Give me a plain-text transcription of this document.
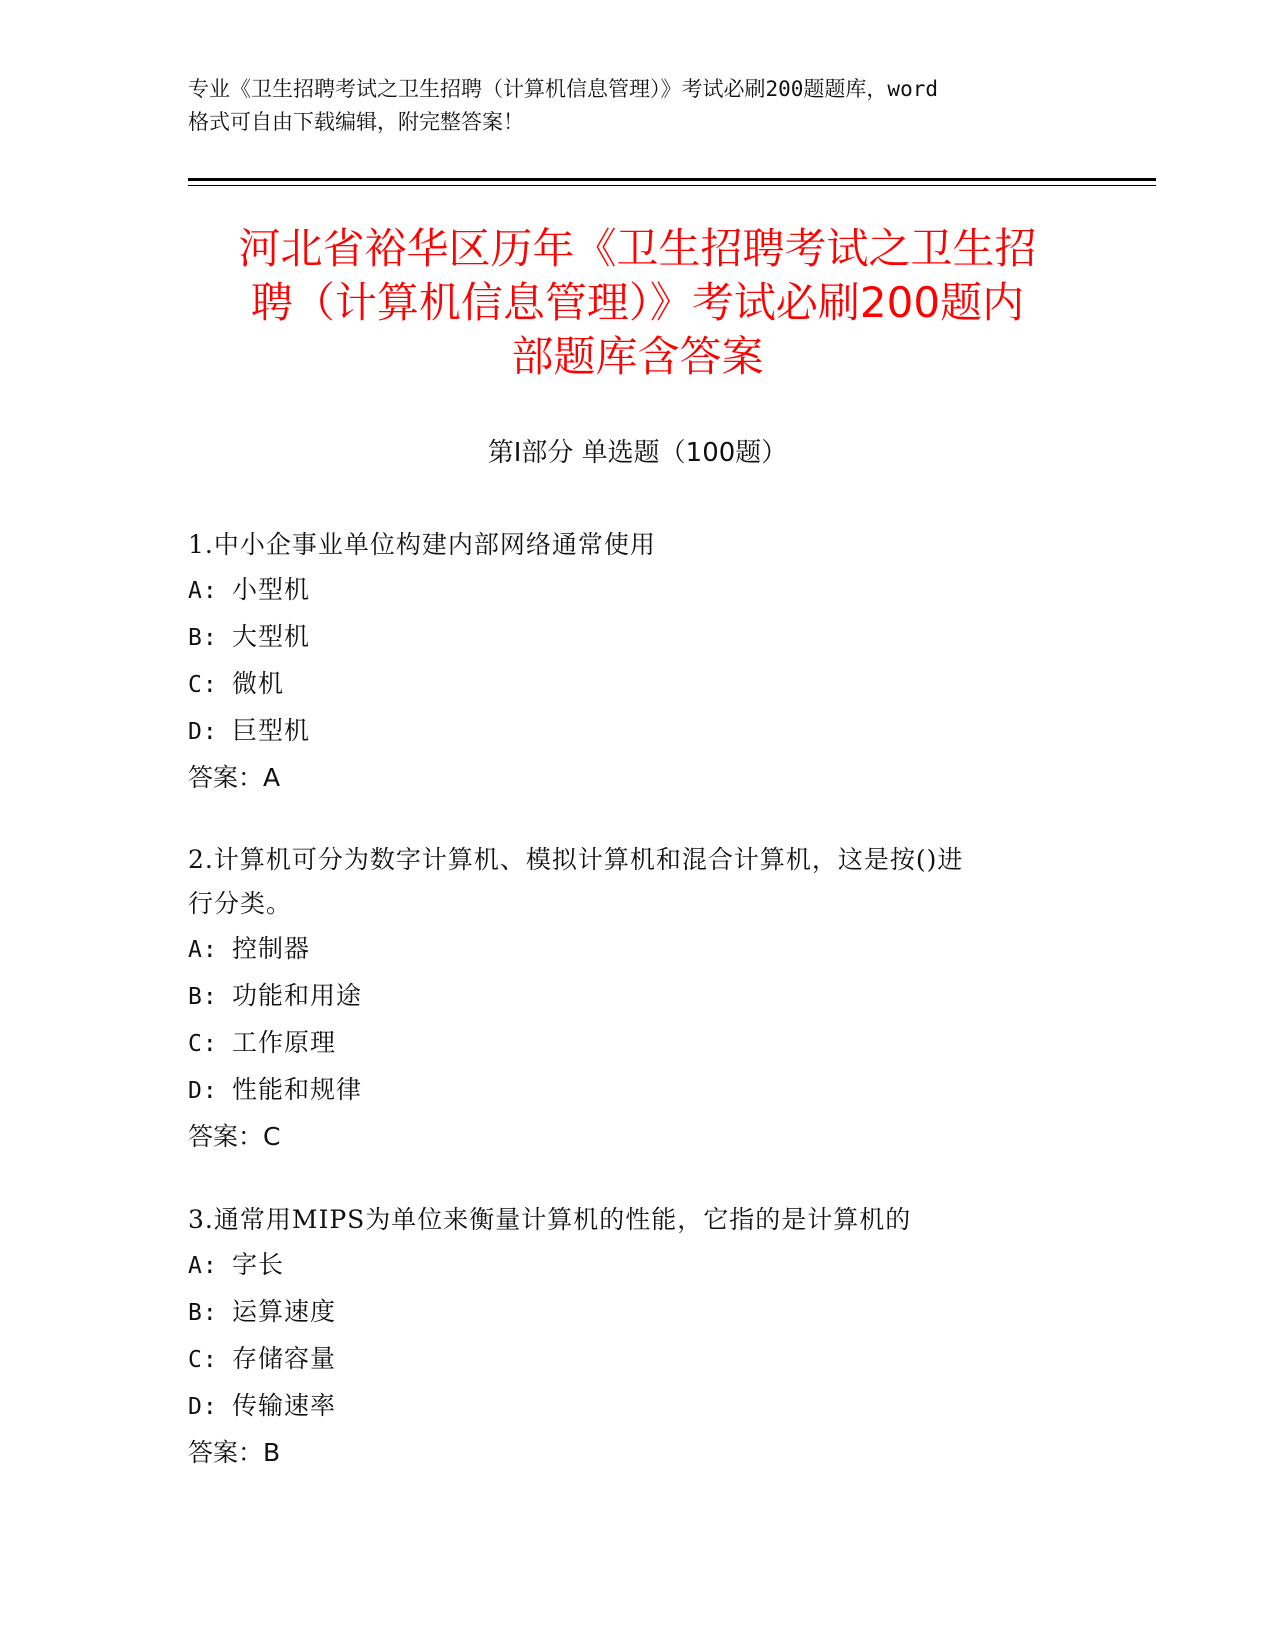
专业《卫生招聘考试之卫生招聘（计算机信息管理）》考试必刷200题题库，word
格式可自由下载编辑，附完整答案！
河北省裕华区历年《卫生招聘考试之卫生招
聘（计算机信息管理）》考试必刷200题内
部题库含答案
第Ⅰ部分 单选题（100题）
1.中小企事业单位构建内部网络通常使用
A: 小型机
B: 大型机
C: 微机
D: 巨型机
答案：A
2.计算机可分为数字计算机、模拟计算机和混合计算机，这是按()进
行分类。
A: 控制器
B: 功能和用途
C: 工作原理
D: 性能和规律
答案：C
3.通常用MIPS为单位来衡量计算机的性能，它指的是计算机的
A: 字长
B: 运算速度
C: 存储容量
D: 传输速率
答案：B
